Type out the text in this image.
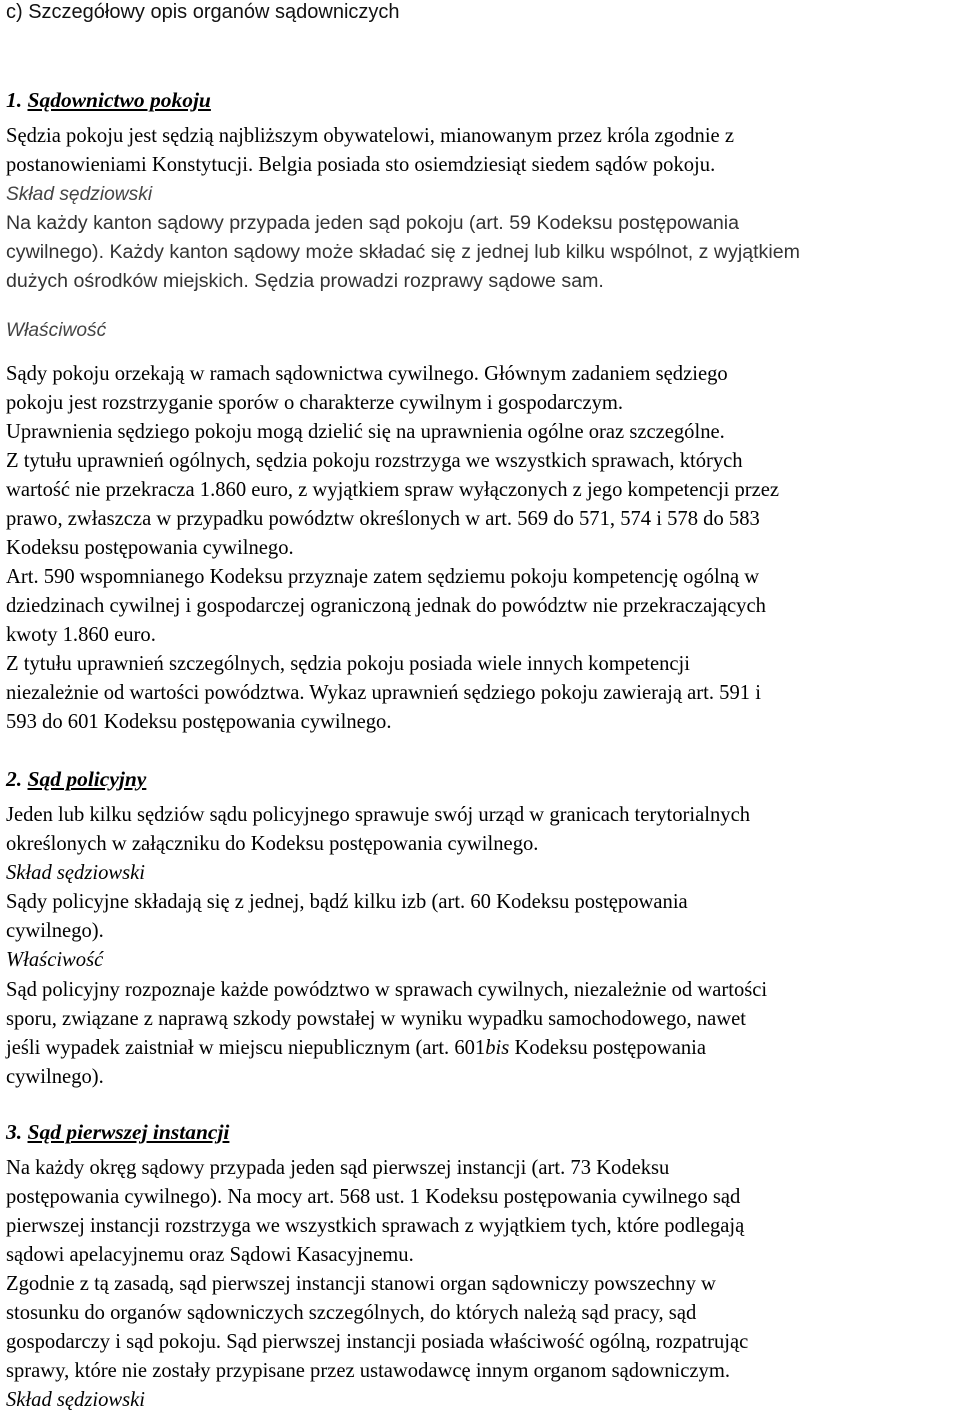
c) Szczegółowy opis organów sądowniczych
1. Sądownictwo pokoju
Sędzia pokoju jest sędzią najbliższym obywatelowi, mianowanym przez króla zgodnie z
postanowieniami Konstytucji. Belgia posiada sto osiemdziesiąt siedem sądów pokoju.
Skład sędziowski
Na każdy kanton sądowy przypada jeden sąd pokoju (art. 59 Kodeksu postępowania
cywilnego). Każdy kanton sądowy może składać się z jednej lub kilku wspólnot, z wyjątkiem
dużych ośrodków miejskich. Sędzia prowadzi rozprawy sądowe sam.
Właściwość
Sądy pokoju orzekają w ramach sądownictwa cywilnego. Głównym zadaniem sędziego
pokoju jest rozstrzyganie sporów o charakterze cywilnym i gospodarczym.
Uprawnienia sędziego pokoju mogą dzielić się na uprawnienia ogólne oraz szczególne.
Z tytułu uprawnień ogólnych, sędzia pokoju rozstrzyga we wszystkich sprawach, których
wartość nie przekracza 1.860 euro, z wyjątkiem spraw wyłączonych z jego kompetencji przez
prawo, zwłaszcza w przypadku powództw określonych w art. 569 do 571, 574 i 578 do 583
Kodeksu postępowania cywilnego.
Art. 590 wspomnianego Kodeksu przyznaje zatem sędziemu pokoju kompetencję ogólną w
dziedzinach cywilnej i gospodarczej ograniczoną jednak do powództw nie przekraczających
kwoty 1.860 euro.
Z tytułu uprawnień szczególnych, sędzia pokoju posiada wiele innych kompetencji
niezależnie od wartości powództwa. Wykaz uprawnień sędziego pokoju zawierają art. 591 i
593 do 601 Kodeksu postępowania cywilnego.
2. Sąd policyjny
Jeden lub kilku sędziów sądu policyjnego sprawuje swój urząd w granicach terytorialnych
określonych w załączniku do Kodeksu postępowania cywilnego.
Skład sędziowski
Sądy policyjne składają się z jednej, bądź kilku izb (art. 60 Kodeksu postępowania
cywilnego).
Właściwość
Sąd policyjny rozpoznaje każde powództwo w sprawach cywilnych, niezależnie od wartości
sporu, związane z naprawą szkody powstałej w wyniku wypadku samochodowego, nawet
jeśli wypadek zaistniał w miejscu niepublicznym (art. 601bis Kodeksu postępowania
cywilnego).
3. Sąd pierwszej instancji
Na każdy okręg sądowy przypada jeden sąd pierwszej instancji (art. 73 Kodeksu
postępowania cywilnego). Na mocy art. 568 ust. 1 Kodeksu postępowania cywilnego sąd
pierwszej instancji rozstrzyga we wszystkich sprawach z wyjątkiem tych, które podlegają
sądowi apelacyjnemu oraz Sądowi Kasacyjnemu.
Zgodnie z tą zasadą, sąd pierwszej instancji stanowi organ sądowniczy powszechny w
stosunku do organów sądowniczych szczególnych, do których należą sąd pracy, sąd
gospodarczy i sąd pokoju. Sąd pierwszej instancji posiada właściwość ogólną, rozpatrując
sprawy, które nie zostały przypisane przez ustawodawcę innym organom sądowniczym.
Skład sędziowski
